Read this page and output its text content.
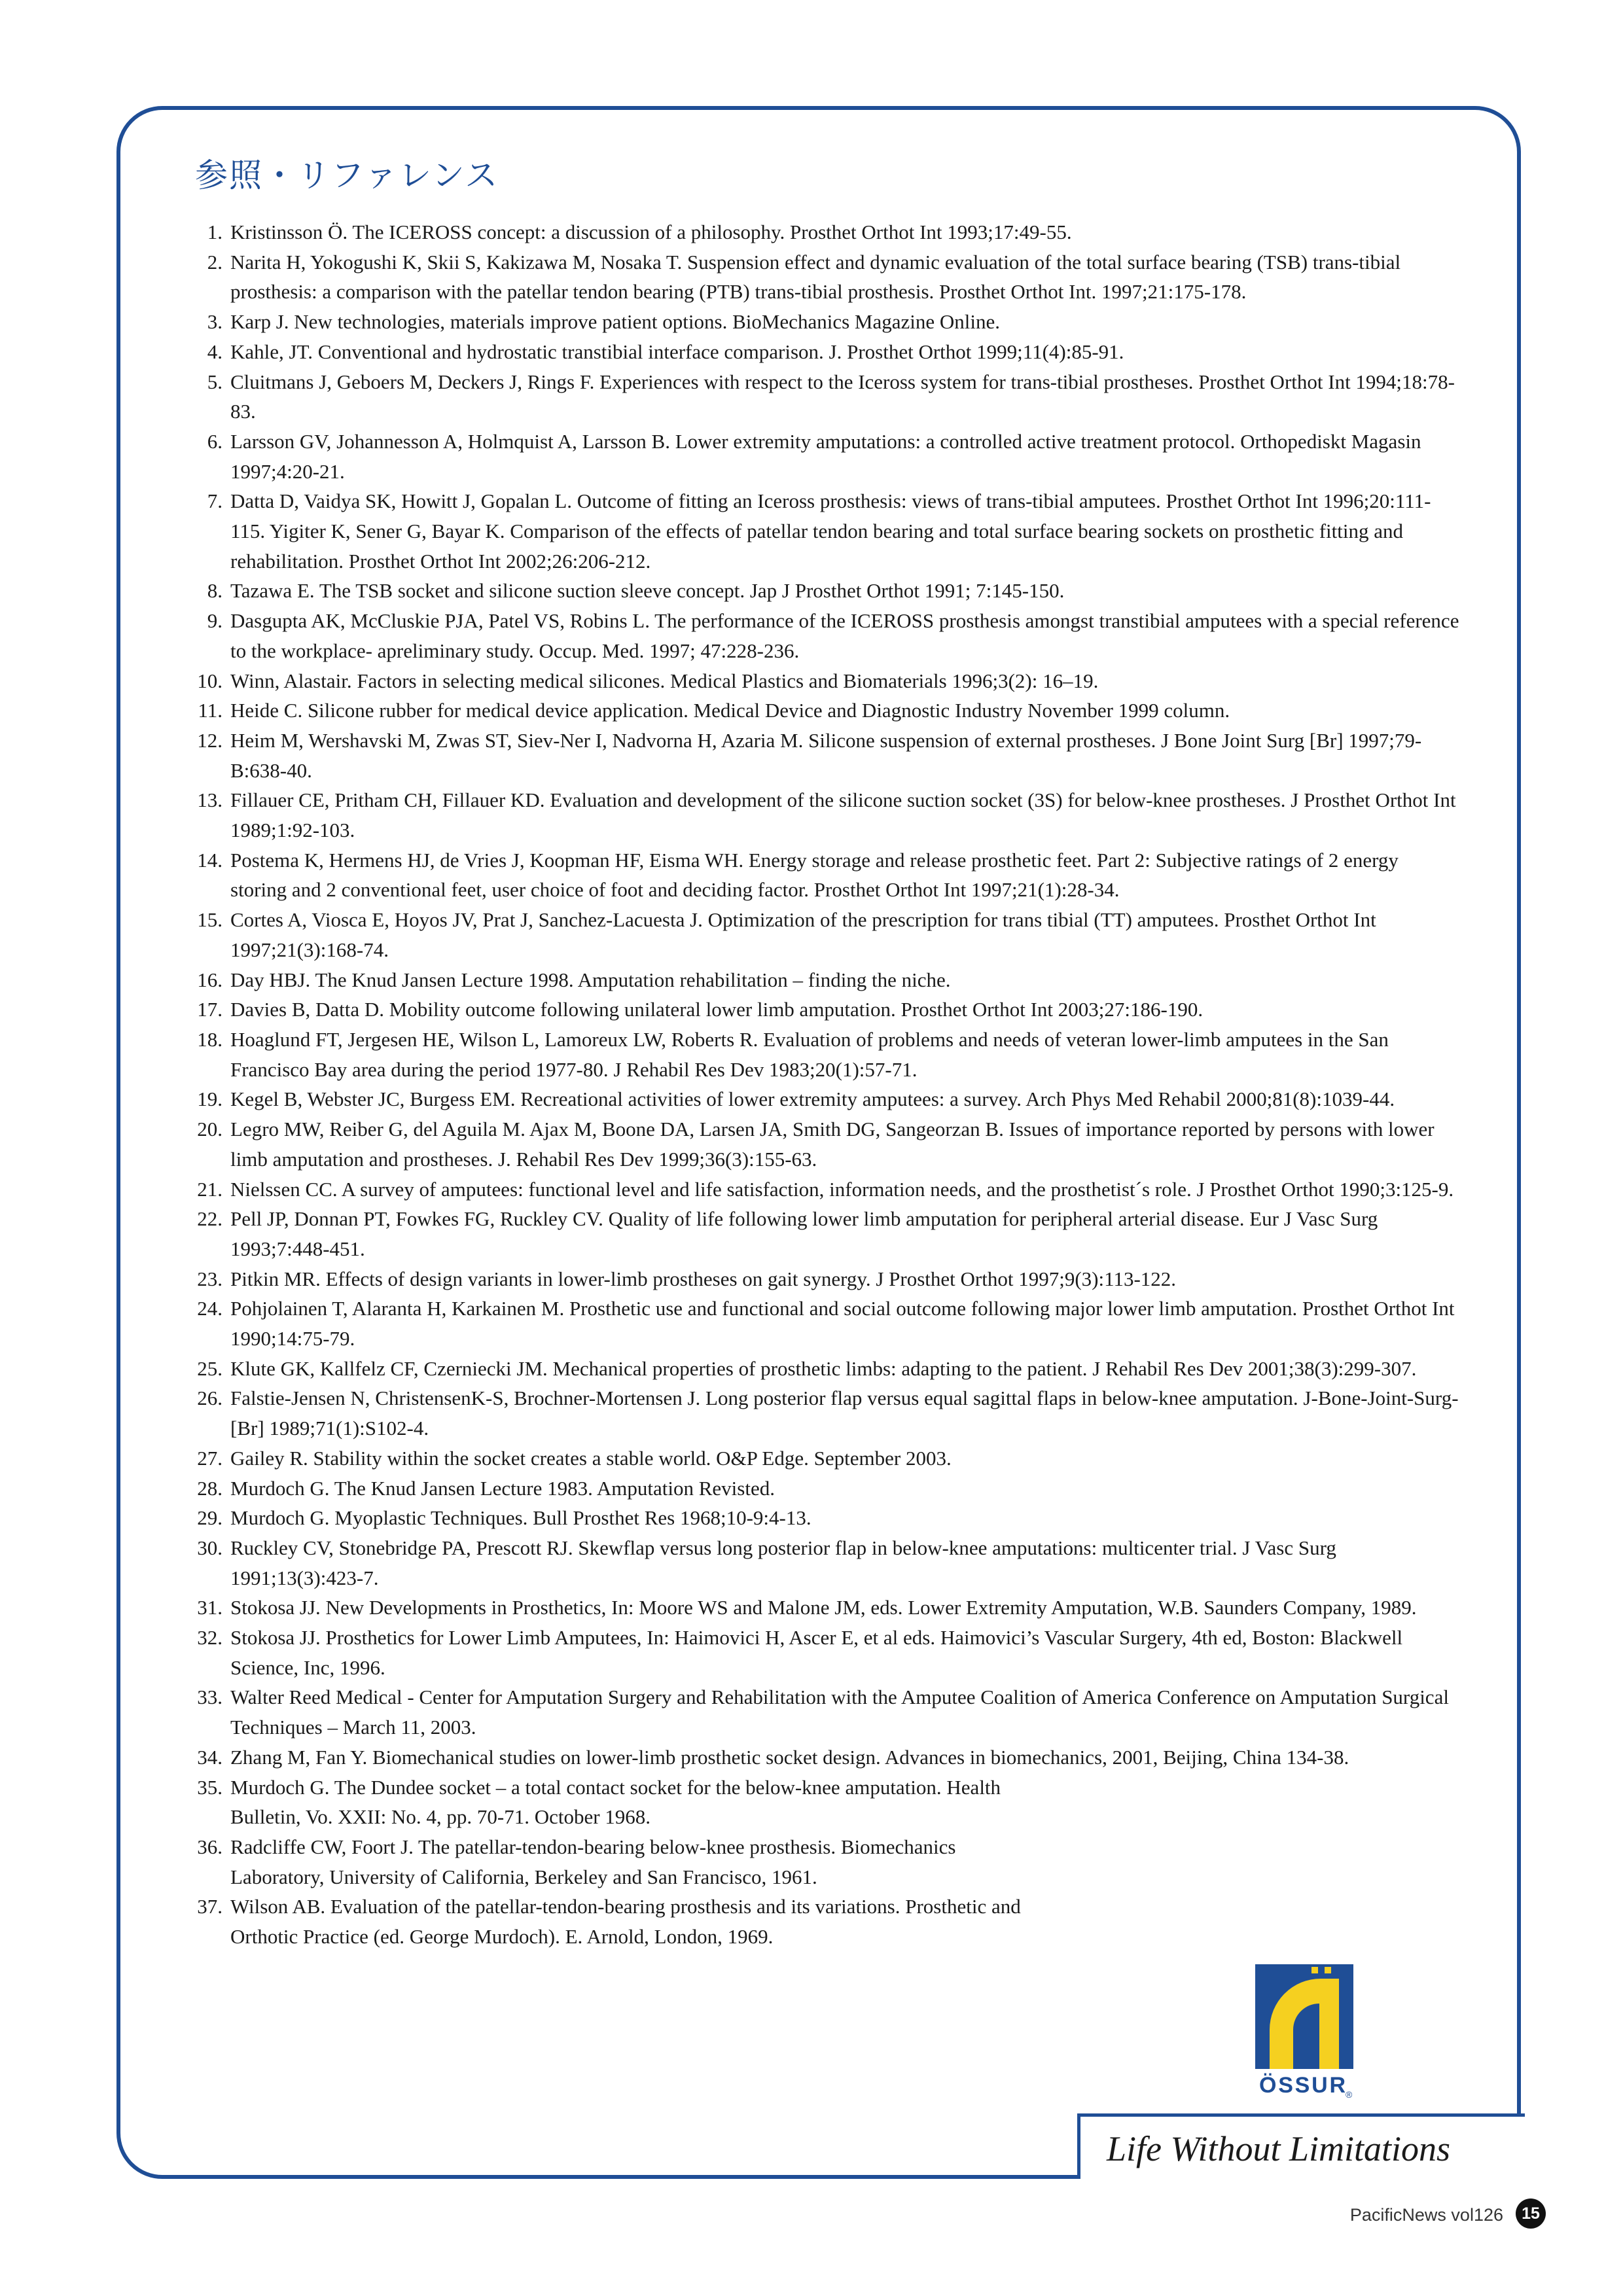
参照・リファレンス
1. Kristinsson Ö. The ICEROSS concept: a discussion of a philosophy. Prosthet Orthot Int 1993;17:49-55.
2. Narita H, Yokogushi K, Skii S, Kakizawa M, Nosaka T. Suspension effect and dynamic evaluation of the total surface bearing (TSB) trans-tibial prosthesis: a comparison with the patellar tendon bearing (PTB) trans-tibial prosthesis. Prosthet Orthot Int. 1997;21:175-178.
3. Karp J. New technologies, materials improve patient options. BioMechanics Magazine Online.
4. Kahle, JT. Conventional and hydrostatic transtibial interface comparison. J. Prosthet Orthot 1999;11(4):85-91.
5. Cluitmans J, Geboers M, Deckers J, Rings F. Experiences with respect to the Iceross system for trans-tibial prostheses. Prosthet Orthot Int 1994;18:78-83.
6. Larsson GV, Johannesson A, Holmquist A, Larsson B. Lower extremity amputations: a controlled active treatment protocol. Orthopediskt Magasin 1997;4:20-21.
7. Datta D, Vaidya SK, Howitt J, Gopalan L. Outcome of fitting an Iceross prosthesis: views of trans-tibial amputees. Prosthet Orthot Int 1996;20:111-115. Yigiter K, Sener G, Bayar K. Comparison of the effects of patellar tendon bearing and total surface bearing sockets on prosthetic fitting and rehabilitation. Prosthet Orthot Int 2002;26:206-212.
8. Tazawa E. The TSB socket and silicone suction sleeve concept. Jap J Prosthet Orthot 1991; 7:145-150.
9. Dasgupta AK, McCluskie PJA, Patel VS, Robins L. The performance of the ICEROSS prosthesis amongst transtibial amputees with a special reference to the workplace- apreliminary study. Occup. Med. 1997; 47:228-236.
10. Winn, Alastair. Factors in selecting medical silicones. Medical Plastics and Biomaterials 1996;3(2): 16–19.
11. Heide C. Silicone rubber for medical device application. Medical Device and Diagnostic Industry November 1999 column.
12. Heim M, Wershavski M, Zwas ST, Siev-Ner I, Nadvorna H, Azaria M. Silicone suspension of external prostheses. J Bone Joint Surg [Br] 1997;79-B:638-40.
13. Fillauer CE, Pritham CH, Fillauer KD. Evaluation and development of the silicone suction socket (3S) for below-knee prostheses. J Prosthet Orthot Int 1989;1:92-103.
14. Postema K, Hermens HJ, de Vries J, Koopman HF, Eisma WH. Energy storage and release prosthetic feet. Part 2: Subjective ratings of 2 energy storing and 2 conventional feet, user choice of foot and deciding factor. Prosthet Orthot Int 1997;21(1):28-34.
15. Cortes A, Viosca E, Hoyos JV, Prat J, Sanchez-Lacuesta J. Optimization of the prescription for trans tibial (TT) amputees. Prosthet Orthot Int 1997;21(3):168-74.
16. Day HBJ. The Knud Jansen Lecture 1998. Amputation rehabilitation – finding the niche.
17. Davies B, Datta D. Mobility outcome following unilateral lower limb amputation. Prosthet Orthot Int 2003;27:186-190.
18. Hoaglund FT, Jergesen HE, Wilson L, Lamoreux LW, Roberts R. Evaluation of problems and needs of veteran lower-limb amputees in the San Francisco Bay area during the period 1977-80. J Rehabil Res Dev 1983;20(1):57-71.
19. Kegel B, Webster JC, Burgess EM. Recreational activities of lower extremity amputees: a survey. Arch Phys Med Rehabil 2000;81(8):1039-44.
20. Legro MW, Reiber G, del Aguila M. Ajax M, Boone DA, Larsen JA, Smith DG, Sangeorzan B. Issues of importance reported by persons with lower limb amputation and prostheses. J. Rehabil Res Dev 1999;36(3):155-63.
21. Nielssen CC. A survey of amputees: functional level and life satisfaction, information needs, and the prosthetist´s role. J Prosthet Orthot 1990;3:125-9.
22. Pell JP, Donnan PT, Fowkes FG, Ruckley CV. Quality of life following lower limb amputation for peripheral arterial disease. Eur J Vasc Surg 1993;7:448-451.
23. Pitkin MR. Effects of design variants in lower-limb prostheses on gait synergy. J Prosthet Orthot 1997;9(3):113-122.
24. Pohjolainen T, Alaranta H, Karkainen M. Prosthetic use and functional and social outcome following major lower limb amputation. Prosthet Orthot Int 1990;14:75-79.
25. Klute GK, Kallfelz CF, Czerniecki JM. Mechanical properties of prosthetic limbs: adapting to the patient. J Rehabil Res Dev 2001;38(3):299-307.
26. Falstie-Jensen N, ChristensenK-S, Brochner-Mortensen J. Long posterior flap versus equal sagittal flaps in below-knee amputation. J-Bone-Joint-Surg-[Br] 1989;71(1):S102-4.
27. Gailey R. Stability within the socket creates a stable world. O&P Edge. September 2003.
28. Murdoch G. The Knud Jansen Lecture 1983. Amputation Revisted.
29. Murdoch G. Myoplastic Techniques. Bull Prosthet Res 1968;10-9:4-13.
30. Ruckley CV, Stonebridge PA, Prescott RJ. Skewflap versus long posterior flap in below-knee amputations: multicenter trial. J Vasc Surg 1991;13(3):423-7.
31. Stokosa JJ. New Developments in Prosthetics, In: Moore WS and Malone JM, eds. Lower Extremity Amputation, W.B. Saunders Company, 1989.
32. Stokosa JJ. Prosthetics for Lower Limb Amputees, In: Haimovici H, Ascer E, et al eds. Haimovici’s Vascular Surgery, 4th ed, Boston: Blackwell Science, Inc, 1996.
33. Walter Reed Medical - Center for Amputation Surgery and Rehabilitation with the Amputee Coalition of America Conference on Amputation Surgical Techniques – March 11, 2003.
34. Zhang M, Fan Y. Biomechanical studies on lower-limb prosthetic socket design. Advances in biomechanics, 2001, Beijing, China 134-38.
35. Murdoch G. The Dundee socket – a total contact socket for the below-knee amputation. Health Bulletin, Vo. XXII: No. 4, pp. 70-71. October 1968.
36. Radcliffe CW, Foort J. The patellar-tendon-bearing below-knee prosthesis. Biomechanics Laboratory, University of California, Berkeley and San Francisco, 1961.
37. Wilson AB. Evaluation of the patellar-tendon-bearing prosthesis and its variations. Prosthetic and Orthotic Practice (ed. George Murdoch). E. Arnold, London, 1969.
ÖSSUR ®
Life Without Limitations
PacificNews vol126	15
